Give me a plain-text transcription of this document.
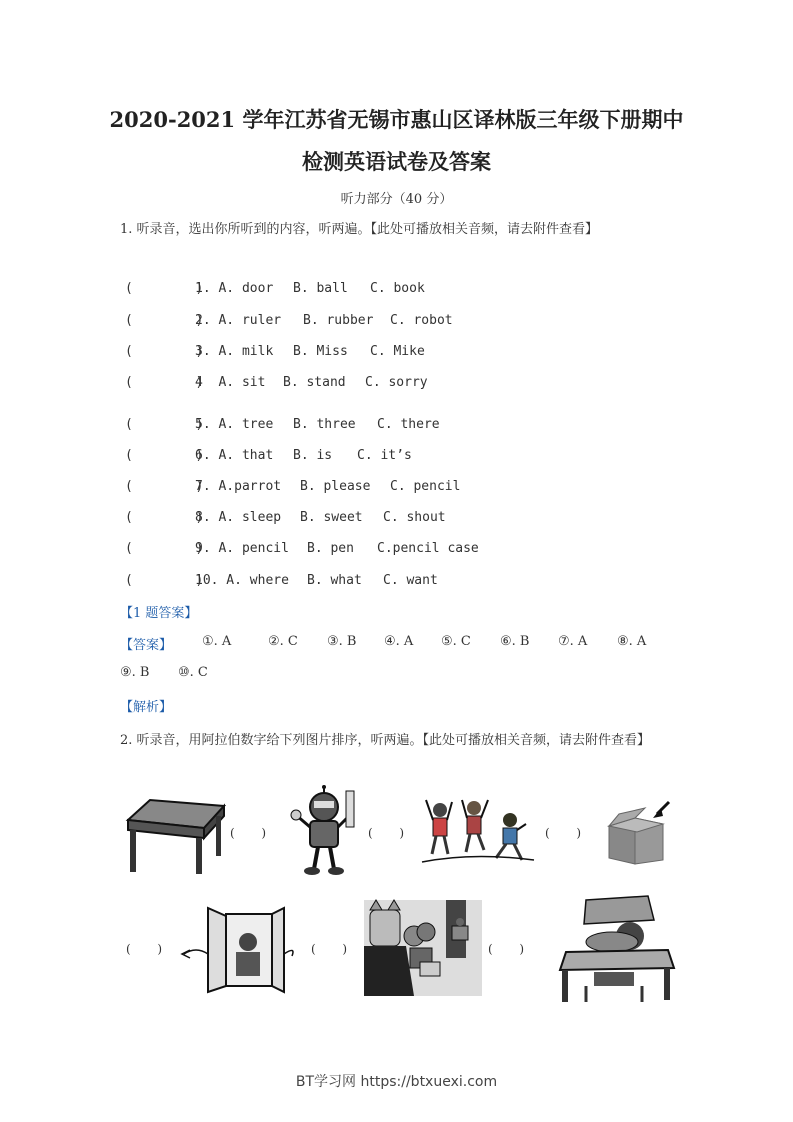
2020-2021 学年江苏省无锡市惠山区译林版三年级下册期中
检测英语试卷及答案
听力部分（40 分）
1. 听录音，选出你所听到的内容，听两遍。【此处可播放相关音频，请去附件查看】
(        )
1. A. door B. ball C. book
(        )
2. A. ruler B. rubber C. robot
(        )
3. A. milk B. Miss C. Mike
(        )
4  A. sit B. stand C. sorry
(        )
5. A. tree B. three C. there
(        )
6. A. that B. is C. it’s
(        )
7. A.parrot B. please C. pencil
(        )
8. A. sleep B. sweet C. shout
(        )
9. A. pencil B. pen C.pencil case
(        )
10. A. where B. what C. want
【1 题答案】
【答案】 ①. A	②. C ③. B ④. A ⑤. C ⑥. B ⑦. A ⑧. A
⑨. B ⑩. C
【解析】
2. 听录音，用阿拉伯数字给下列图片排序，听两遍。【此处可播放相关音频，请去附件查看】
(       )	(       )	(       )
(       )	(       )	(       )
BT学习网 https://btxuexi.com
